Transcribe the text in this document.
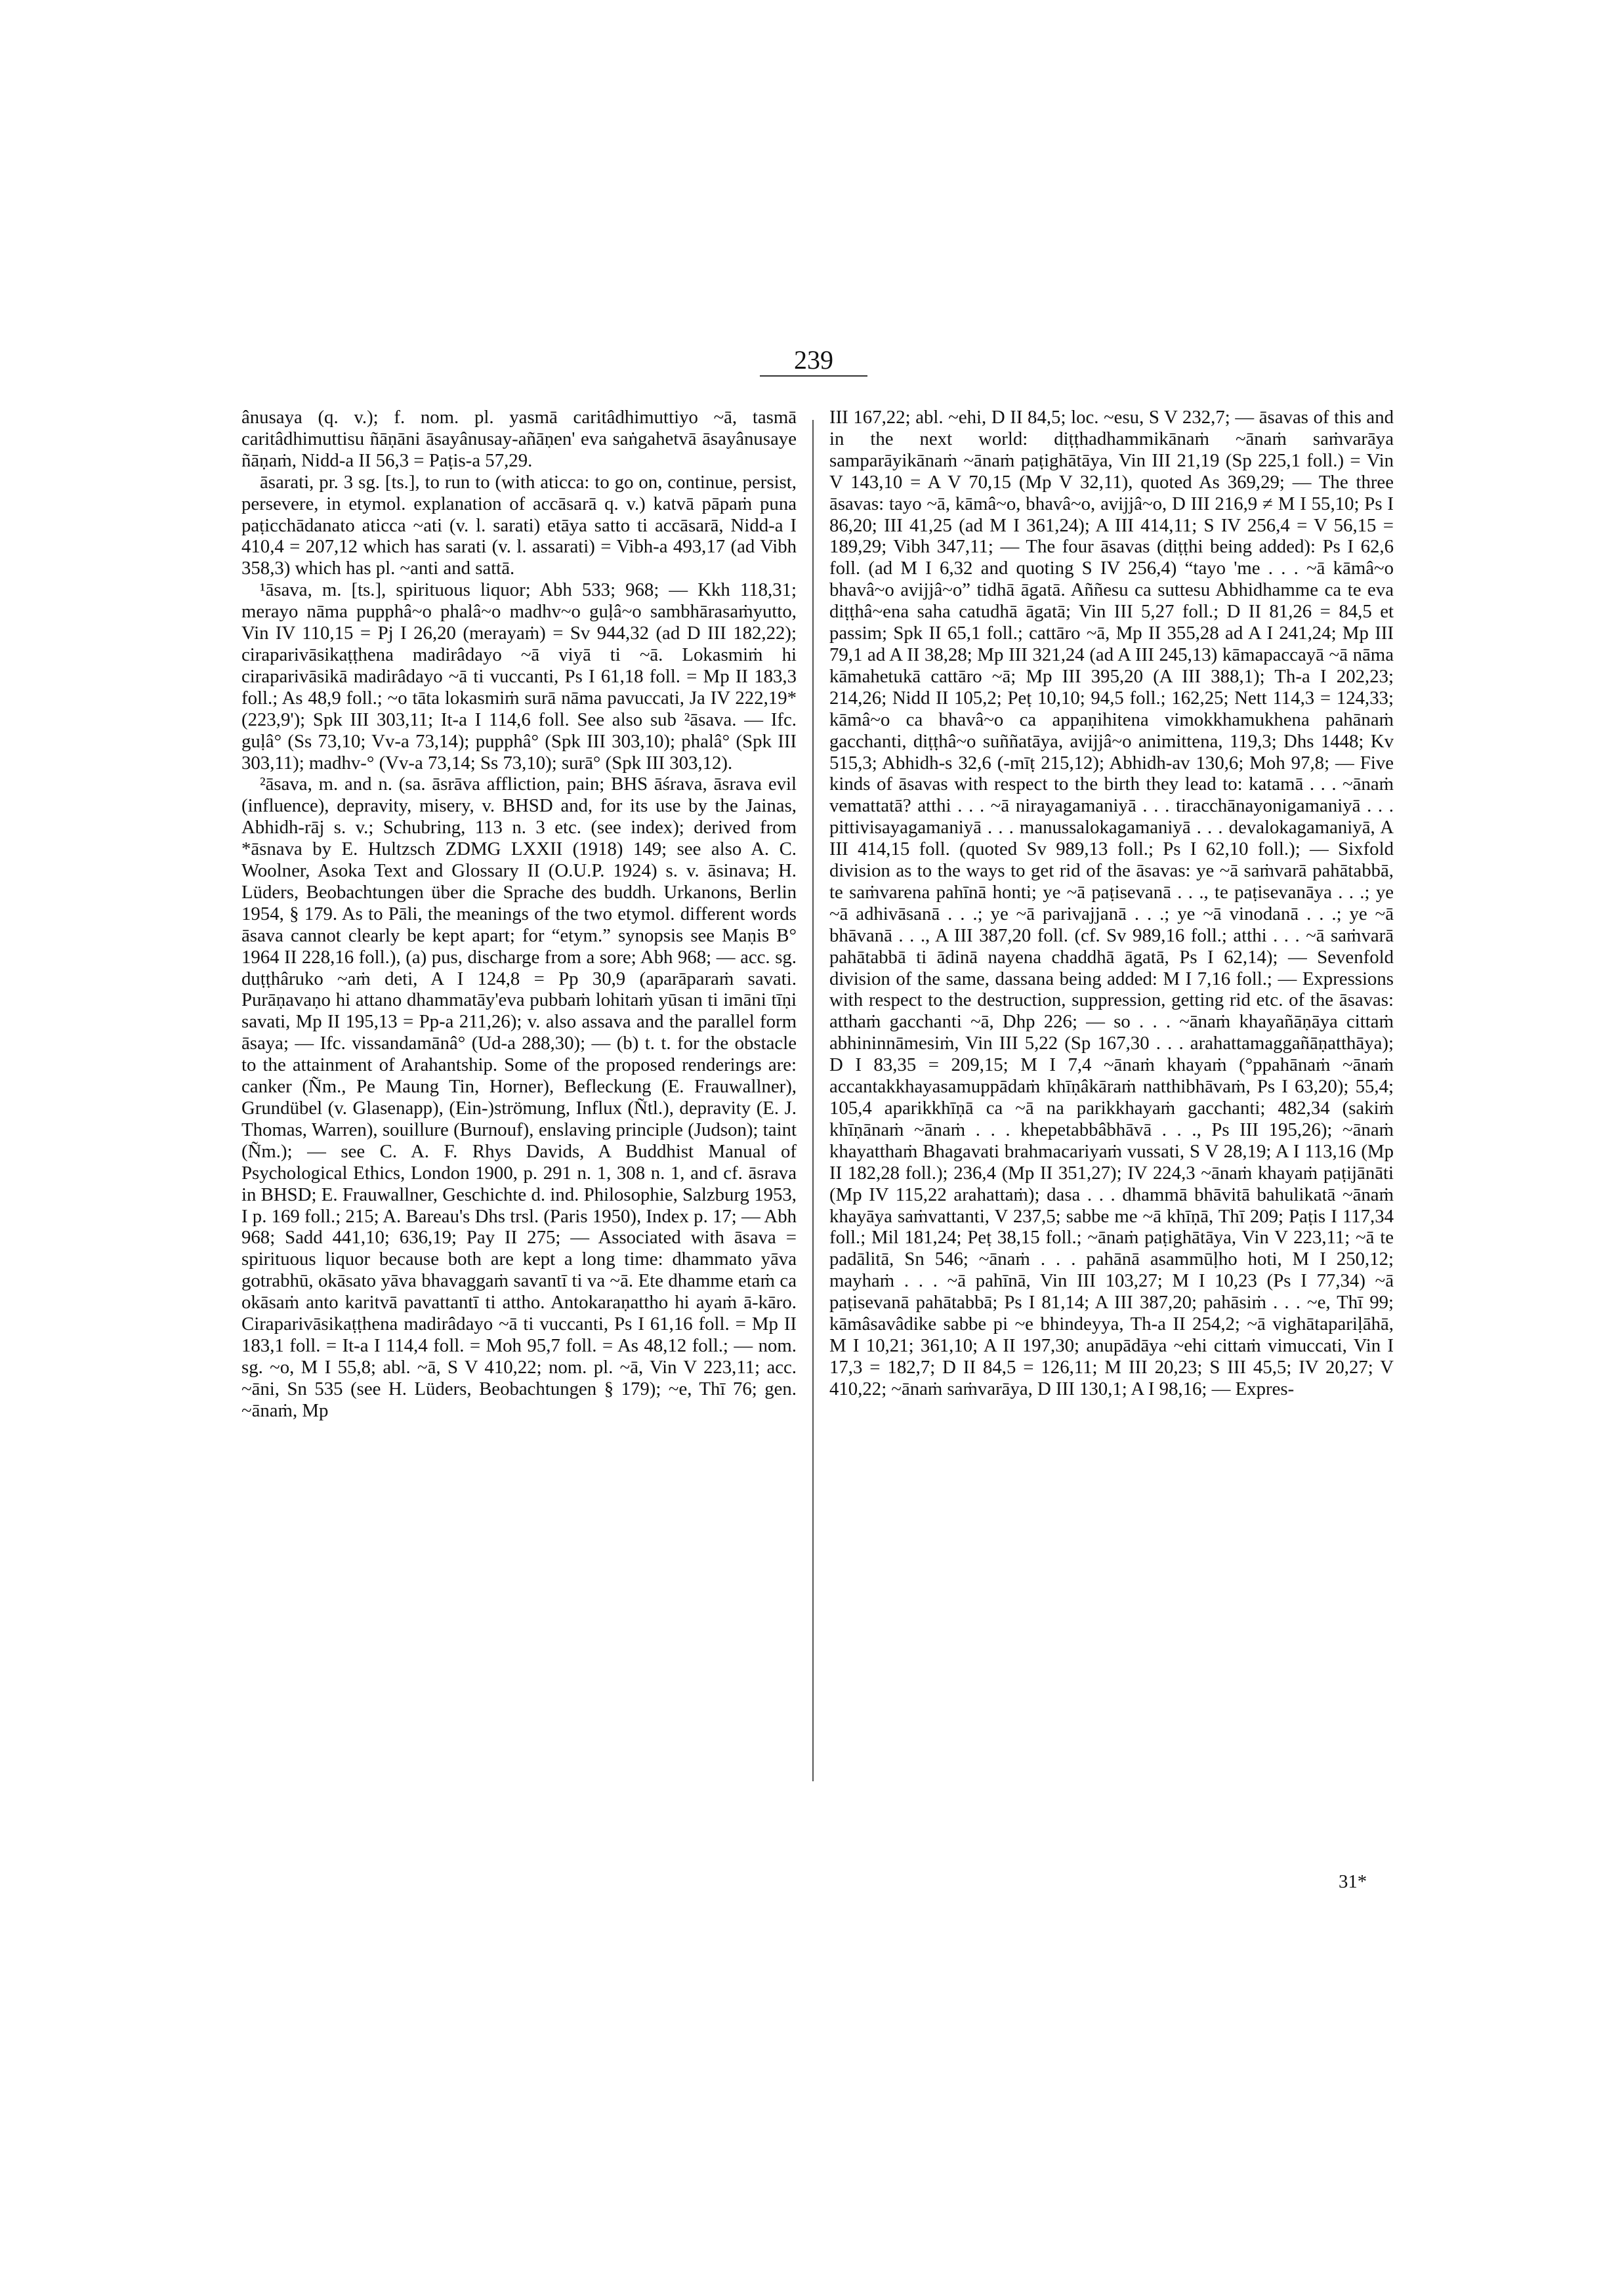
239

ânusaya (q. v.); f. nom. pl. yasmā caritâdhimuttiyo ~ā, tasmā caritâdhimuttisu ñāṇāni āsayânusay-añāṇen' eva saṅgahetvā āsayânusaye ñāṇaṁ, Nidd-a II 56,3 = Paṭis-a 57,29.

āsarati, pr. 3 sg. [ts.], to run to (with aticca: to go on, continue, persist, persevere, in etymol. explanation of accāsarā q. v.) katvā pāpaṁ puna paṭicchādanato aticca ~ati (v. l. sarati) etāya satto ti accāsarā, Nidd-a I 410,4 = 207,12 which has sarati (v. l. assarati) = Vibh-a 493,17 (ad Vibh 358,3) which has pl. ~anti and sattā.

¹āsava, m. [ts.], spirituous liquor; Abh 533; 968; — Kkh 118,31; merayo nāma pupphâ~o phalâ~o madhv~o guḷâ~o sambhārasaṁyutto, Vin IV 110,15 = Pj I 26,20 (merayaṁ) = Sv 944,32 (ad D III 182,22); ciraparivāsikaṭṭhena madirâdayo ~ā viyā ti ~ā. Lokasmiṁ hi ciraparivāsikā madirâdayo ~ā ti vuccanti, Ps I 61,18 foll. = Mp II 183,3 foll.; As 48,9 foll.; ~o tāta lokasmiṁ surā nāma pavuccati, Ja IV 222,19* (223,9'); Spk III 303,11; It-a I 114,6 foll. See also sub ²āsava. — Ifc. guḷâ° (Ss 73,10; Vv-a 73,14); pupphâ° (Spk III 303,10); phalâ° (Spk III 303,11); madhv-° (Vv-a 73,14; Ss 73,10); surā° (Spk III 303,12).

²āsava, m. and n. (sa. āsrāva affliction, pain; BHS āśrava, āsrava evil (influence), depravity, misery, v. BHSD and, for its use by the Jainas, Abhidh-rāj s. v.; Schubring, 113 n. 3 etc. (see index); derived from *āsnava by E. Hultzsch ZDMG LXXII (1918) 149; see also A. C. Woolner, Asoka Text and Glossary II (O.U.P. 1924) s. v. āsinava; H. Lüders, Beobachtungen über die Sprache des buddh. Urkanons, Berlin 1954, § 179. As to Pāli, the meanings of the two etymol. different words āsava cannot clearly be kept apart; for “etym.” synopsis see Maṇis B° 1964 II 228,16 foll.), (a) pus, discharge from a sore; Abh 968; — acc. sg. duṭṭhâruko ~aṁ deti, A I 124,8 = Pp 30,9 (aparāparaṁ savati. Purāṇavaṇo hi attano dhammatāy'eva pubbaṁ lohitaṁ yūsan ti imāni tīṇi savati, Mp II 195,13 = Pp-a 211,26); v. also assava and the parallel form āsaya; — Ifc. vissandamānâ° (Ud-a 288,30); — (b) t. t. for the obstacle to the attainment of Arahantship. Some of the proposed renderings are: canker (Ñm., Pe Maung Tin, Horner), Befleckung (E. Frauwallner), Grundübel (v. Glasenapp), (Ein-)strömung, Influx (Ñtl.), depravity (E. J. Thomas, Warren), souillure (Burnouf), enslaving principle (Judson); taint (Ñm.); — see C. A. F. Rhys Davids, A Buddhist Manual of Psychological Ethics, London 1900, p. 291 n. 1, 308 n. 1, and cf. āsrava in BHSD; E. Frauwallner, Geschichte d. ind. Philosophie, Salzburg 1953, I p. 169 foll.; 215; A. Bareau's Dhs trsl. (Paris 1950), Index p. 17; — Abh 968; Sadd 441,10; 636,19; Pay II 275; — Associated with āsava = spirituous liquor because both are kept a long time: dhammato yāva gotrabhū, okāsato yāva bhavaggaṁ savantī ti va ~ā. Ete dhamme etaṁ ca okāsaṁ anto karitvā pavattantī ti attho. Antokaraṇattho hi ayaṁ ā-kāro. Ciraparivāsikaṭṭhena madirâdayo ~ā ti vuccanti, Ps I 61,16 foll. = Mp II 183,1 foll. = It-a I 114,4 foll. = Moh 95,7 foll. = As 48,12 foll.; — nom. sg. ~o, M I 55,8; abl. ~ā, S V 410,22; nom. pl. ~ā, Vin V 223,11; acc. ~āni, Sn 535 (see H. Lüders, Beobachtungen § 179); ~e, Thī 76; gen. ~ānaṁ, Mp

III 167,22; abl. ~ehi, D II 84,5; loc. ~esu, S V 232,7; — āsavas of this and in the next world: diṭṭhadhammikānaṁ ~ānaṁ saṁvarāya samparāyikānaṁ ~ānaṁ paṭighātāya, Vin III 21,19 (Sp 225,1 foll.) = Vin V 143,10 = A V 70,15 (Mp V 32,11), quoted As 369,29; — The three āsavas: tayo ~ā, kāmâ~o, bhavâ~o, avijjâ~o, D III 216,9 ≠ M I 55,10; Ps I 86,20; III 41,25 (ad M I 361,24); A III 414,11; S IV 256,4 = V 56,15 = 189,29; Vibh 347,11; — The four āsavas (diṭṭhi being added): Ps I 62,6 foll. (ad M I 6,32 and quoting S IV 256,4) “tayo 'me . . . ~ā kāmâ~o bhavâ~o avijjâ~o” tidhā āgatā. Aññesu ca suttesu Abhidhamme ca te eva diṭṭhâ~ena saha catudhā āgatā; Vin III 5,27 foll.; D II 81,26 = 84,5 et passim; Spk II 65,1 foll.; cattāro ~ā, Mp II 355,28 ad A I 241,24; Mp III 79,1 ad A II 38,28; Mp III 321,24 (ad A III 245,13) kāmapaccayā ~ā nāma kāmahetukā cattāro ~ā; Mp III 395,20 (A III 388,1); Th-a I 202,23; 214,26; Nidd II 105,2; Peṭ 10,10; 94,5 foll.; 162,25; Nett 114,3 = 124,33; kāmâ~o ca bhavâ~o ca appaṇihitena vimokkhamukhena pahānaṁ gacchanti, diṭṭhâ~o suññatāya, avijjâ~o animittena, 119,3; Dhs 1448; Kv 515,3; Abhidh-s 32,6 (-mīṭ 215,12); Abhidh-av 130,6; Moh 97,8; — Five kinds of āsavas with respect to the birth they lead to: katamā . . . ~ānaṁ vemattatā? atthi . . . ~ā nirayagamaniyā . . . tiracchānayonigamaniyā . . . pittivisayagamaniyā . . . manussalokagamaniyā . . . devalokagamaniyā, A III 414,15 foll. (quoted Sv 989,13 foll.; Ps I 62,10 foll.); — Sixfold division as to the ways to get rid of the āsavas: ye ~ā saṁvarā pahātabbā, te saṁvarena pahīnā honti; ye ~ā paṭisevanā . . ., te paṭisevanāya . . .; ye ~ā adhivāsanā . . .; ye ~ā parivajjanā . . .; ye ~ā vinodanā . . .; ye ~ā bhāvanā . . ., A III 387,20 foll. (cf. Sv 989,16 foll.; atthi . . . ~ā saṁvarā pahātabbā ti ādinā nayena chaddhā āgatā, Ps I 62,14); — Sevenfold division of the same, dassana being added: M I 7,16 foll.; — Expressions with respect to the destruction, suppression, getting rid etc. of the āsavas: atthaṁ gacchanti ~ā, Dhp 226; — so . . . ~ānaṁ khayañāṇāya cittaṁ abhininnāmesiṁ, Vin III 5,22 (Sp 167,30 . . . arahattamaggañāṇatthāya); D I 83,35 = 209,15; M I 7,4 ~ānaṁ khayaṁ (°ppahānaṁ ~ānaṁ accantakkhayasamuppādaṁ khīṇâkāraṁ natthibhāvaṁ, Ps I 63,20); 55,4; 105,4 aparikkhīṇā ca ~ā na parikkhayaṁ gacchanti; 482,34 (sakiṁ khīṇānaṁ ~ānaṁ . . . khepetabbâbhāvā . . ., Ps III 195,26); ~ānaṁ khayatthaṁ Bhagavati brahmacariyaṁ vussati, S V 28,19; A I 113,16 (Mp II 182,28 foll.); 236,4 (Mp II 351,27); IV 224,3 ~ānaṁ khayaṁ paṭijānāti (Mp IV 115,22 arahattaṁ); dasa . . . dhammā bhāvitā bahulikatā ~ānaṁ khayāya saṁvattanti, V 237,5; sabbe me ~ā khīṇā, Thī 209; Paṭis I 117,34 foll.; Mil 181,24; Peṭ 38,15 foll.; ~ānaṁ paṭighātāya, Vin V 223,11; ~ā te padālitā, Sn 546; ~ānaṁ . . . pahānā asammūḷho hoti, M I 250,12; mayhaṁ . . . ~ā pahīnā, Vin III 103,27; M I 10,23 (Ps I 77,34) ~ā paṭisevanā pahātabbā; Ps I 81,14; A III 387,20; pahāsiṁ . . . ~e, Thī 99; kāmâsavâdike sabbe pi ~e bhindeyya, Th-a II 254,2; ~ā vighātapariḷāhā, M I 10,21; 361,10; A II 197,30; anupādāya ~ehi cittaṁ vimuccati, Vin I 17,3 = 182,7; D II 84,5 = 126,11; M III 20,23; S III 45,5; IV 20,27; V 410,22; ~ānaṁ saṁvarāya, D III 130,1; A I 98,16; — Expres-

31*
